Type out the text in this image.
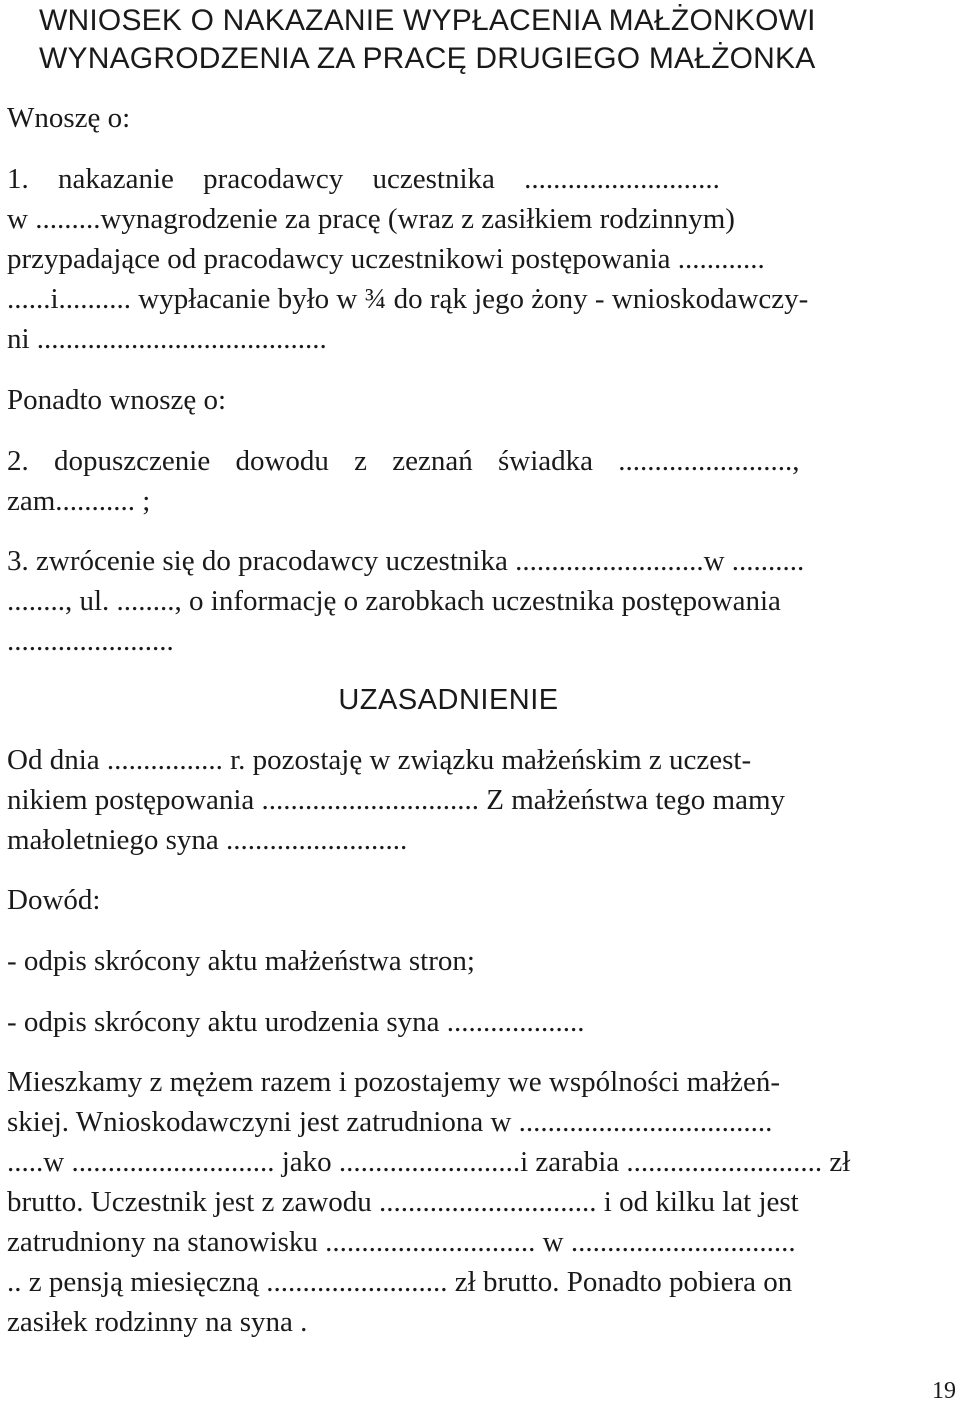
WNIOSEK O NAKAZANIE WYPŁACENIA MAŁŻONKOWI
WYNAGRODZENIA ZA PRACĘ DRUGIEGO MAŁŻONKA

Wnoszę o:

1. nakazanie pracodawcy uczestnika ...........................

w .........wynagrodzenie za pracę (wraz z zasiłkiem rodzinnym)

przypadające od pracodawcy uczestnikowi postępowania ............

......i.......... wypłacanie było w ¾ do rąk jego żony - wnioskodawczy-

ni ........................................

Ponadto wnoszę o:

2. dopuszczenie dowodu z zeznań świadka ........................,

zam........... ;

3. zwrócenie się do pracodawcy uczestnika ..........................w ..........

........, ul. ........, o informację o zarobkach uczestnika postępowania

.......................

UZASADNIENIE

Od dnia ................ r. pozostaję w związku małżeńskim z uczest-

nikiem postępowania .............................. Z małżeństwa tego mamy

małoletniego syna .........................

Dowód:

- odpis skrócony aktu małżeństwa stron;

- odpis skrócony aktu urodzenia syna ...................

Mieszkamy z mężem razem i pozostajemy we wspólności małżeń-

skiej. Wnioskodawczyni jest zatrudniona w ...................................

.....w ............................ jako .........................i zarabia ........................... zł

brutto. Uczestnik jest z zawodu .............................. i od kilku lat jest

zatrudniony na stanowisku ............................. w ...............................

.. z pensją miesięczną ......................... zł brutto. Ponadto pobiera on

zasiłek rodzinny na syna .

19
